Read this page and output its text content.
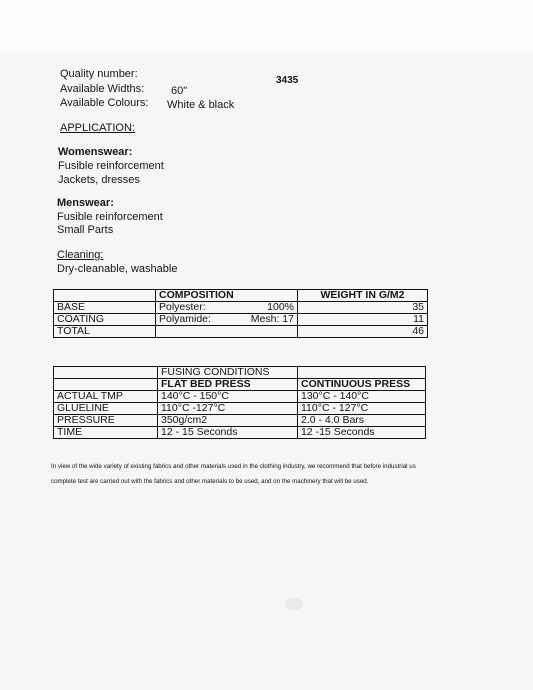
Quality number:
3435
Available Widths: 60"
Available Colours: White & black
APPLICATION:
Womenswear:
Fusible reinforcement
Jackets, dresses
Menswear:
Fusible reinforcement
Small Parts
Cleaning:
Dry-cleanable, washable
	COMPOSITION	WEIGHT IN G/M2
BASE	Polyester: 100%	35
COATING	Polyamide: Mesh: 17	11
TOTAL		46
	FUSING CONDITIONS	
	FLAT BED PRESS	CONTINUOUS PRESS
ACTUAL TMP	140°C - 150°C	130°C - 140°C
GLUELINE	110°C -127°C	110°C - 127°C
PRESSURE	350g/cm2	2.0 - 4.0 Bars
TIME	12 - 15 Seconds	12 -15 Seconds
In view of the wide variety of existing fabrics and other materials used in the clothing industry, we recommend that before industrial us
complete test are carried out with the fabrics and other materials to be used, and on the machinery that will be used.
